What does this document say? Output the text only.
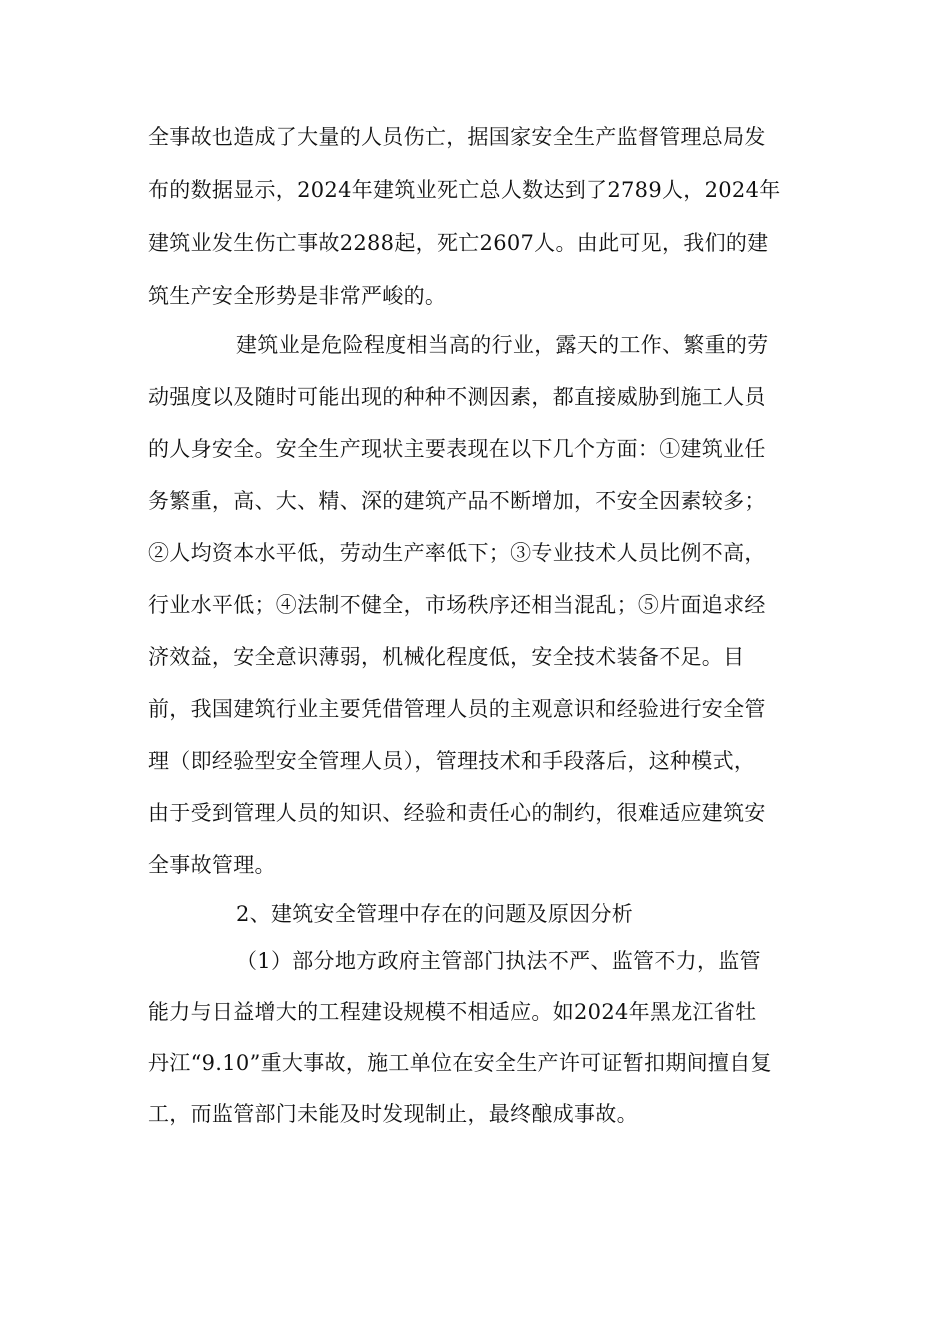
全事故也造成了大量的人员伤亡，据国家安全生产监督管理总局发
布的数据显示，2024年建筑业死亡总人数达到了2789人，2024年
建筑业发生伤亡事故2288起，死亡2607人。由此可见，我们的建
筑生产安全形势是非常严峻的。
建筑业是危险程度相当高的行业，露天的工作、繁重的劳
动强度以及随时可能出现的种种不测因素，都直接威胁到施工人员
的人身安全。安全生产现状主要表现在以下几个方面：①建筑业任
务繁重，高、大、精、深的建筑产品不断增加，不安全因素较多；
②人均资本水平低，劳动生产率低下；③专业技术人员比例不高，
行业水平低；④法制不健全，市场秩序还相当混乱；⑤片面追求经
济效益，安全意识薄弱，机械化程度低，安全技术装备不足。目
前，我国建筑行业主要凭借管理人员的主观意识和经验进行安全管
理（即经验型安全管理人员），管理技术和手段落后，这种模式，
由于受到管理人员的知识、经验和责任心的制约，很难适应建筑安
全事故管理。
2、建筑安全管理中存在的问题及原因分析
（1）部分地方政府主管部门执法不严、监管不力，监管
能力与日益增大的工程建设规模不相适应。如2024年黑龙江省牡
丹江“9.10”重大事故，施工单位在安全生产许可证暂扣期间擅自复
工，而监管部门未能及时发现制止，最终酿成事故。
